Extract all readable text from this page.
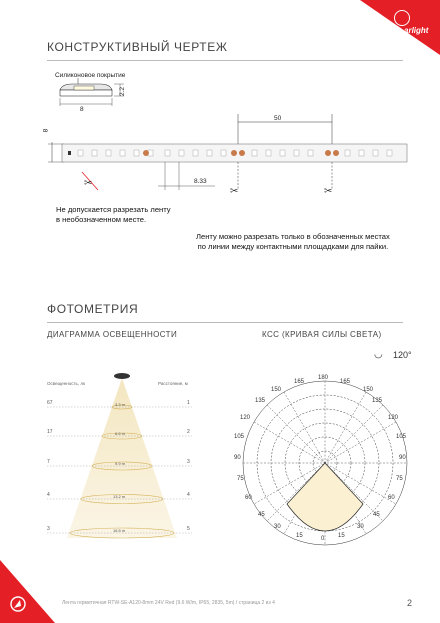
arlight
КОНСТРУКТИВНЫЙ ЧЕРТЕЖ
Силиконовое покрытие
8
2.2
✂
✂	✂
50
8
8.33
Не допускается разрезать ленту
в необозначенном месте.
Ленту можно разрезать только в обозначенных местах
по линии между контактными площадками для пайки.
ФОТОМЕТРИЯ
ДИАГРАММА ОСВЕЩЕННОСТИ	КСС (КРИВАЯ СИЛЫ СВЕТА)
Освещенность, лк	Расстояние, м
67
17
7
4
3
1
2
3
4
5
3.3 m
6.6 m
9.9 m
13.2 m
16.5 m
◡ 120°
180
165	165
150	150
135	135
120	120
105	105
90	90
75	75
60	60
45	45
30	30
15	15
0
Лента герметичная RTW-SE-A120-8mm 24V Red (9.6 W/m, IP65, 2835, 5m) / страница 2 из 4	2
